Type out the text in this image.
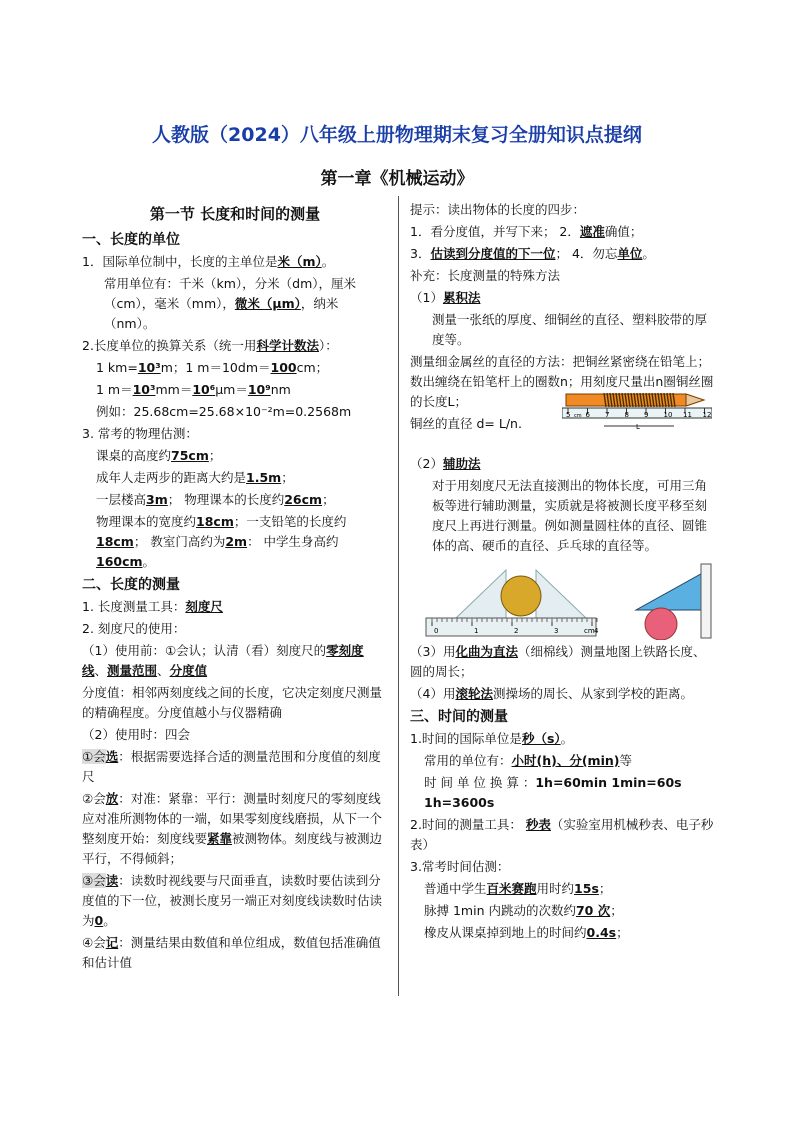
人教版（2024）八年级上册物理期末复习全册知识点提纲
第一章《机械运动》

第一节 长度和时间的测量

一、长度的单位

1．国际单位制中，长度的主单位是米（m）。

常用单位有：千米（km），分米（dm），厘米（cm），毫米（mm），微米（μm），纳米（nm）。

2.长度单位的换算关系（统一用科学计数法）：

1 km=10³m；1 m＝10dm＝100cm；

1 m＝10³mm＝10⁶μm＝10⁹nm

例如：25.68cm=25.68×10⁻²m=0.2568m

3. 常考的物理估测：

课桌的高度约75cm；

成年人走两步的距离大约是1.5m；

一层楼高3m； 物理课本的长度约26cm；

物理课本的宽度约18cm；一支铅笔的长度约18cm； 教室门高约为2m： 中学生身高约160cm。

二、长度的测量

1. 长度测量工具：刻度尺

2. 刻度尺的使用：

（1）使用前：①会认；认清（看）刻度尺的零刻度线、测量范围、分度值

分度值：相邻两刻度线之间的长度，它决定刻度尺测量的精确程度。分度值越小与仪器精确

（2）使用时：四会

①会选：根据需要选择合适的测量范围和分度值的刻度尺

②会放：对准：紧靠：平行：测量时刻度尺的零刻度线应对准所测物体的一端，如果零刻度线磨损，从下一个整刻度开始：刻度线要紧靠被测物体。刻度线与被测边平行，不得倾斜；

③会读：读数时视线要与尺面垂直，读数时要估读到分度值的下一位，被测长度另一端正对刻度线读数时估读为0。

④会记：测量结果由数值和单位组成，数值包括准确值和估计值

提示：读出物体的长度的四步：

1．看分度值，并写下来； 2．遮准确值；

3．估读到分度值的下一位； 4．勿忘单位。

补充：长度测量的特殊方法

（1）累积法

测量一张纸的厚度、细铜丝的直径、塑料胶带的厚度等。

测量细金属丝的直径的方法：把铜丝紧密绕在铅笔上；数出缠绕在铅笔杆上的圈数n；用刻度尺量出n圈铜丝圈的长度L；

铜丝的直径 d= L/n.

5 6 7 8 9 10 11 12
cm
L

（2）辅助法

对于用刻度尺无法直接测出的物体长度，可用三角板等进行辅助测量，实质就是将被测长度平移至刻度尺上再进行测量。例如测量圆柱体的直径、圆锥体的高、硬币的直径、乒乓球的直径等。

0	1	2	3	4
cm

（3）用化曲为直法（细棉线）测量地图上铁路长度、圆的周长；

（4）用滚轮法测操场的周长、从家到学校的距离。

三、时间的测量

1.时间的国际单位是秒（s）。

常用的单位有：小时(h)、分(min)等

时 间 单 位 换 算 ：1h=60min 1min=60s 1h=3600s

2.时间的测量工具： 秒表（实验室用机械秒表、电子秒表）

3.常考时间估测：

普通中学生百米赛跑用时约15s；

脉搏 1min 内跳动的次数约70 次；

橡皮从课桌掉到地上的时间约0.4s；
